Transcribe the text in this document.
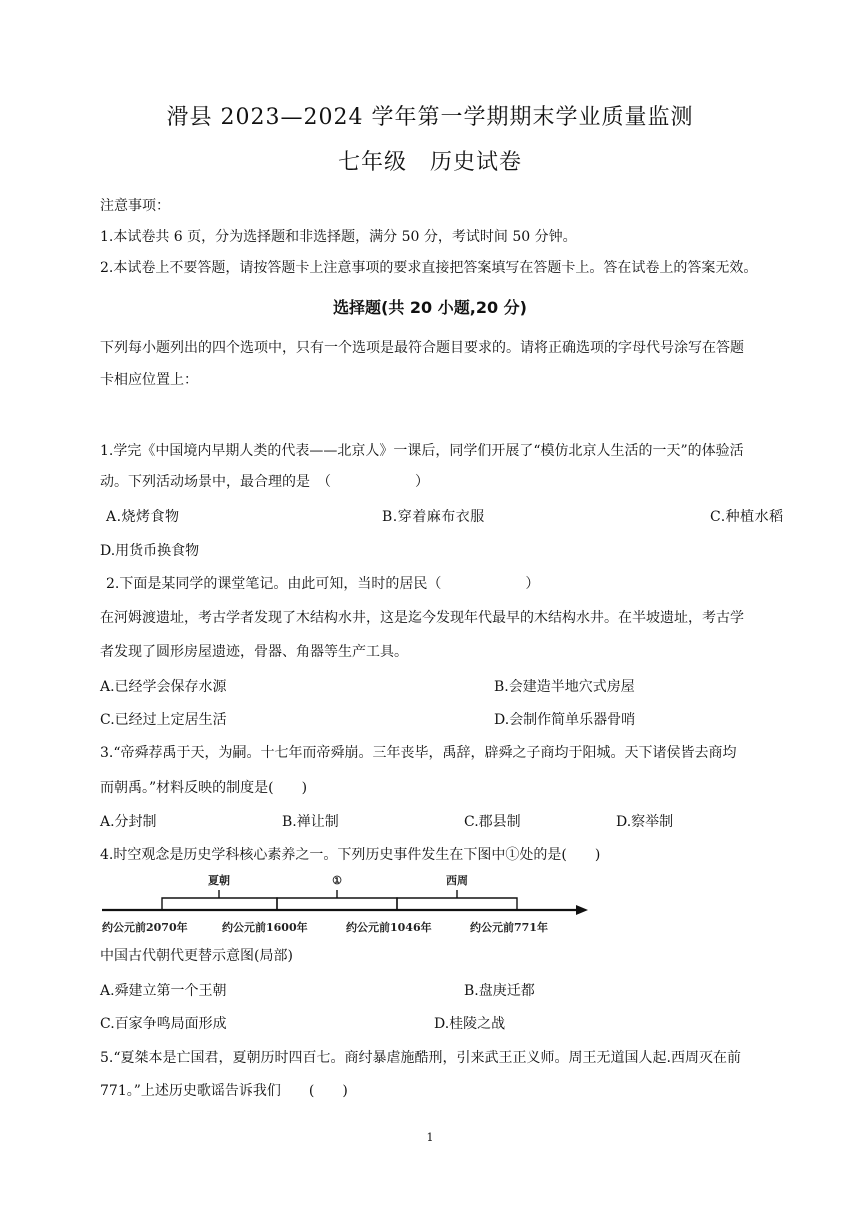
滑县 2023—2024 学年第一学期期末学业质量监测
七年级　历史试卷
注意事项：
1.本试卷共 6 页，分为选择题和非选择题，满分 50 分，考试时间 50 分钟。
2.本试卷上不要答题，请按答题卡上注意事项的要求直接把答案填写在答题卡上。答在试卷上的答案无效。
选择题(共 20 小题,20 分)
下列每小题列出的四个选项中，只有一个选项是最符合题目要求的。请将正确选项的字母代号涂写在答题
卡相应位置上：
1.学完《中国境内早期人类的代表——北京人》一课后，同学们开展了“模仿北京人生活的一天”的体验活
动。下列活动场景中，最合理的是　（　　　　　　）
A.烧烤食物	B.穿着麻布衣服	C.种植水稻
D.用货币换食物
2.下面是某同学的课堂笔记。由此可知，当时的居民（　　　　　　）
在河姆渡遗址，考古学者发现了木结构水井，这是迄今发现年代最早的木结构水井。在半坡遗址，考古学
者发现了圆形房屋遗迹，骨器、角器等生产工具。
A.已经学会保存水源	B.会建造半地穴式房屋
C.已经过上定居生活	D.会制作简单乐器骨哨
3.“帝舜荐禹于天，为嗣。十七年而帝舜崩。三年丧毕，禹辞，辟舜之子商均于阳城。天下诸侯皆去商均
而朝禹。”材料反映的制度是(　　)
A.分封制	B.禅让制	C.郡县制	D.察举制
4.时空观念是历史学科核心素养之一。下列历史事件发生在下图中①处的是(　　)
夏朝	①	西周
约公元前2070年	约公元前1600年	约公元前1046年	约公元前771年
中国古代朝代更替示意图(局部)
A.舜建立第一个王朝	B.盘庚迁都
C.百家争鸣局面形成	D.桂陵之战
5.“夏桀本是亡国君，夏朝历时四百七。商纣暴虐施酷刑，引来武王正义师。周王无道国人起.西周灭在前
771。”上述历史歌谣告诉我们　　(　　)
1
